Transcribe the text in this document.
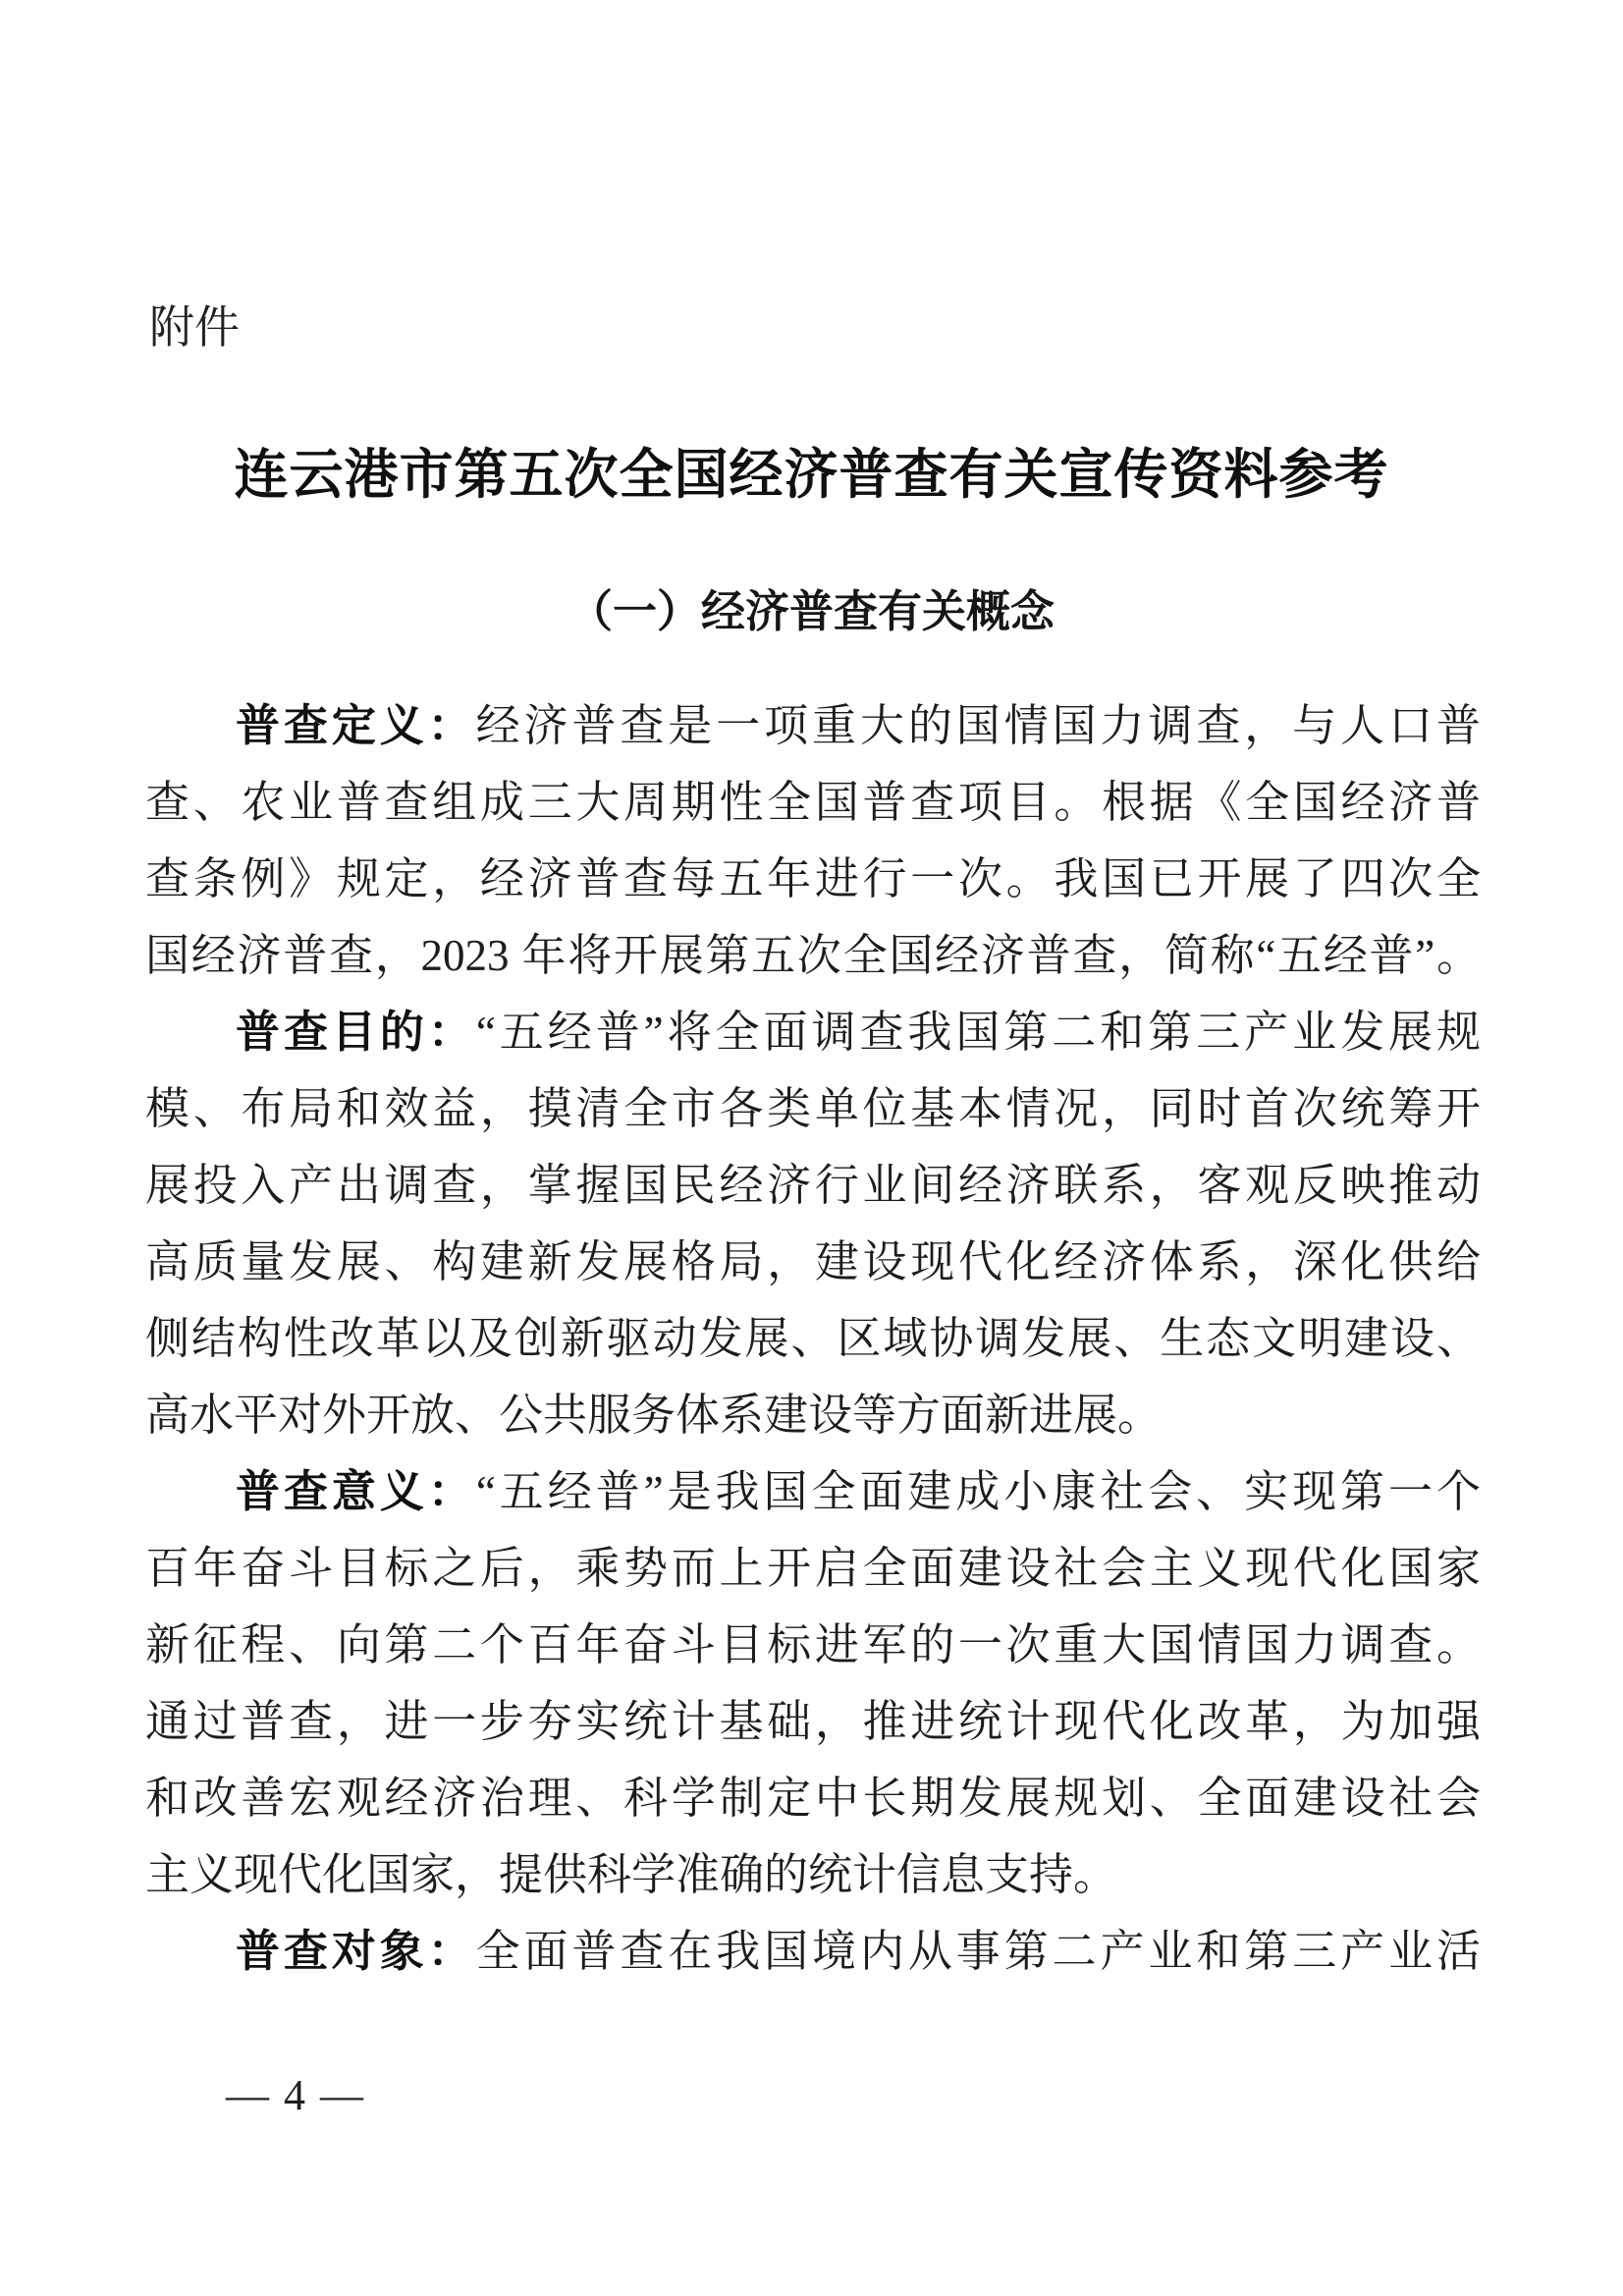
附件
连云港市第五次全国经济普查有关宣传资料参考
（一）经济普查有关概念
普查定义：经济普查是一项重大的国情国力调查，与人口普
查、农业普查组成三大周期性全国普查项目。根据《全国经济普
查条例》规定，经济普查每五年进行一次。我国已开展了四次全
国经济普查，2023 年将开展第五次全国经济普查，简称“五经普”。
普查目的：“五经普”将全面调查我国第二和第三产业发展规
模、布局和效益，摸清全市各类单位基本情况，同时首次统筹开
展投入产出调查，掌握国民经济行业间经济联系，客观反映推动
高质量发展、构建新发展格局，建设现代化经济体系，深化供给
侧结构性改革以及创新驱动发展、区域协调发展、生态文明建设、
高水平对外开放、公共服务体系建设等方面新进展。
普查意义：“五经普”是我国全面建成小康社会、实现第一个
百年奋斗目标之后，乘势而上开启全面建设社会主义现代化国家
新征程、向第二个百年奋斗目标进军的一次重大国情国力调查。
通过普查，进一步夯实统计基础，推进统计现代化改革，为加强
和改善宏观经济治理、科学制定中长期发展规划、全面建设社会
主义现代化国家，提供科学准确的统计信息支持。
普查对象：全面普查在我国境内从事第二产业和第三产业活
— 4 —
